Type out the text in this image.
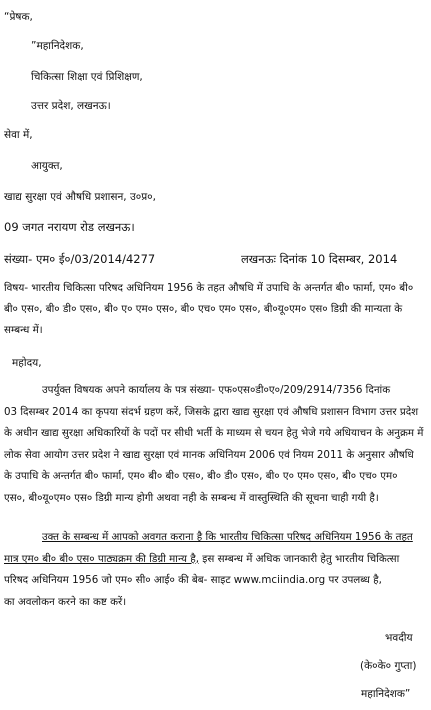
“प्रेषक,
”महानिदेशक,
चिकित्सा शिक्षा एवं प्रिशिक्षण,
उत्तर प्रदेश, लखनऊ।
सेवा में,
आयुक्त,
खाद्य सुरक्षा एवं औषधि प्रशासन, उ०प्र०,
09 जगत नरायण रोड लखनऊ।
संख्या- एम० ई०/03/2014/4277	लखनऊः दिनांक 10 दिसम्बर, 2014
विषय- भारतीय चिकित्सा परिषद अधिनियम 1956 के तहत औषधि में उपाधि के अन्तर्गत बी० फार्मा, एम० बी०
बी० एस०, बी० डी० एस०, बी० ए० एम० एस०, बी० एच० एम० एस०, बी०यू०एम० एस० डिग्री की मान्यता के
सम्बन्ध में।
महोदय,
उपर्युक्त विषयक अपने कार्यालय के पत्र संख्या- एफ०एस०डी०ए०/209/2914/7356 दिनांक
03 दिसम्बर 2014 का कृपया संदर्भ ग्रहण करें, जिसके द्वारा खाद्य सुरक्षा एवं औषधि प्रशासन विभाग उत्तर प्रदेश
के अधीन खाद्य सुरक्षा अधिकारियों के पदों पर सीधी भर्ती के माध्यम से चयन हेतु भेजे गये अधियाचन के अनुक्रम में
लोक सेवा आयोग उत्तर प्रदेश ने खाद्य सुरक्षा एवं मानक अधिनियम 2006 एवं नियम 2011 के अनुसार औषधि
के उपाधि के अन्तर्गत बी० फार्मा, एम० बी० बी० एस०, बी० डी० एस०, बी० ए० एम० एस०, बी० एच० एम०
एस०, बी०यू०एम० एस० डिग्री मान्य होगी अथवा नही के सम्बन्ध में वास्तुस्थिति की सूचना चाही गयी है।
उक्त के सम्बन्ध में आपको अवगत कराना है कि भारतीय चिकित्सा परिषद अधिनियम 1956 के तहत
मात्र एम० बी० बी० एस० पाठ्यक्रम की डिग्री मान्य है, इस सम्बन्ध में अधिक जानकारी हेतु भारतीय चिकित्सा
परिषद अधिनियम 1956 जो एम० सी० आई० की बेब- साइट www.mciindia.org पर उपलब्ध है,
का अवलोकन करने का कष्ट करें।
भवदीय
(के०के० गुप्ता)
महानिदेशक”
